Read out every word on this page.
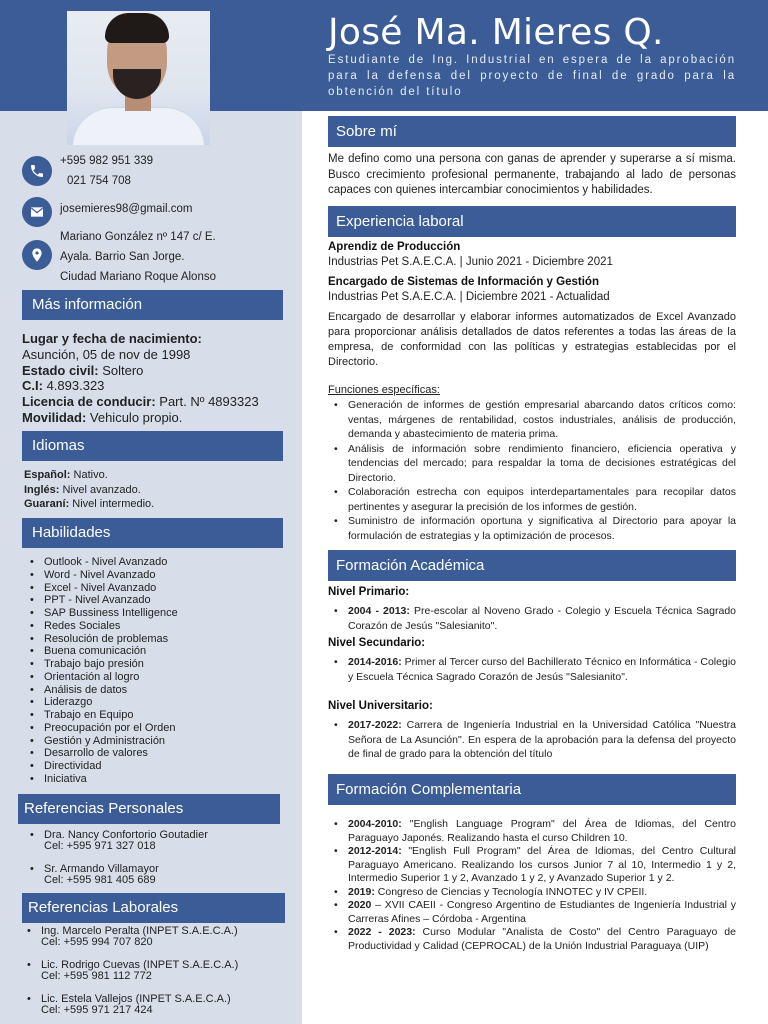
José Ma. Mieres Q.
Estudiante de Ing. Industrial en espera de la aprobación para la defensa del proyecto de final de grado para la obtención del título
+595 982 951 339
021 754 708
josemieres98@gmail.com
Mariano González nº 147 c/ E.
Ayala. Barrio San Jorge.
Ciudad Mariano Roque Alonso
Más información
Lugar y fecha de nacimiento:
Asunción, 05 de nov de 1998
Estado civil: Soltero
C.I: 4.893.323
Licencia de conducir: Part. Nº 4893323
Movilidad: Vehiculo propio.
Idiomas
Español: Nativo.
Inglés: Nivel avanzado.
Guaraní: Nivel intermedio.
Habilidades
• Outlook - Nivel Avanzado
• Word - Nivel Avanzado
• Excel - Nivel Avanzado
• PPT - Nivel Avanzado
• SAP Bussiness Intelligence
• Redes Sociales
• Resolución de problemas
• Buena comunicación
• Trabajo bajo presión
• Orientación al logro
• Análisis de datos
• Liderazgo
• Trabajo en Equipo
• Preocupación por el Orden
• Gestión y Administración
• Desarrollo de valores
• Directividad
• Iniciativa
Referencias Personales
• Dra. Nancy Confortorio Goutadier
Cel: +595 971 327 018
• Sr. Armando Villamayor
Cel: +595 981 405 689
Referencias Laborales
• Ing. Marcelo Peralta (INPET S.A.E.C.A.)
Cel: +595 994 707 820
• Lic. Rodrigo Cuevas (INPET S.A.E.C.A.)
Cel: +595 981 112 772
• Lic. Estela Vallejos (INPET S.A.E.C.A.)
Cel: +595 971 217 424
Sobre mí
Me defino como una persona con ganas de aprender y superarse a sí misma. Busco crecimiento profesional permanente, trabajando al lado de personas capaces con quienes intercambiar conocimientos y habilidades.
Experiencia laboral
Aprendiz de Producción
Industrias Pet S.A.E.C.A. | Junio 2021 - Diciembre 2021
Encargado de Sistemas de Información y Gestión
Industrias Pet S.A.E.C.A. | Diciembre 2021 - Actualidad
Encargado de desarrollar y elaborar informes automatizados de Excel Avanzado para proporcionar análisis detallados de datos referentes a todas las áreas de la empresa, de conformidad con las políticas y estrategias establecidas por el Directorio.
Funciones específicas:
• Generación de informes de gestión empresarial abarcando datos críticos como: ventas, márgenes de rentabilidad, costos industriales, análisis de producción, demanda y abastecimiento de materia prima.
• Análisis de información sobre rendimiento financiero, eficiencia operativa y tendencias del mercado; para respaldar la toma de decisiones estratégicas del Directorio.
• Colaboración estrecha con equipos interdepartamentales para recopilar datos pertinentes y asegurar la precisión de los informes de gestión.
• Suministro de información oportuna y significativa al Directorio para apoyar la formulación de estrategias y la optimización de procesos.
Formación Académica
Nivel Primario:
• 2004 - 2013: Pre-escolar al Noveno Grado - Colegio y Escuela Técnica Sagrado Corazón de Jesús "Salesianito".
Nivel Secundario:
• 2014-2016: Primer al Tercer curso del Bachillerato Técnico en Informática - Colegio y Escuela Técnica Sagrado Corazón de Jesús "Salesianito".
Nivel Universitario:
• 2017-2022: Carrera de Ingeniería Industrial en la Universidad Católica "Nuestra Señora de La Asunción". En espera de la aprobación para la defensa del proyecto de final de grado para la obtención del título
Formación Complementaria
• 2004-2010: "English Language Program" del Área de Idiomas, del Centro Paraguayo Japonés. Realizando hasta el curso Children 10.
• 2012-2014: "English Full Program" del Área de Idiomas, del Centro Cultural Paraguayo Americano. Realizando los cursos Junior 7 al 10, Intermedio 1 y 2, Intermedio Superior 1 y 2, Avanzado 1 y 2, y Avanzado Superior 1 y 2.
• 2019: Congreso de Ciencias y Tecnología INNOTEC y IV CPEII.
• 2020 – XVII CAEII - Congreso Argentino de Estudiantes de Ingeniería Industrial y Carreras Afines – Córdoba - Argentina
• 2022 - 2023: Curso Modular "Analista de Costo" del Centro Paraguayo de Productividad y Calidad (CEPROCAL) de la Unión Industrial Paraguaya (UIP)
